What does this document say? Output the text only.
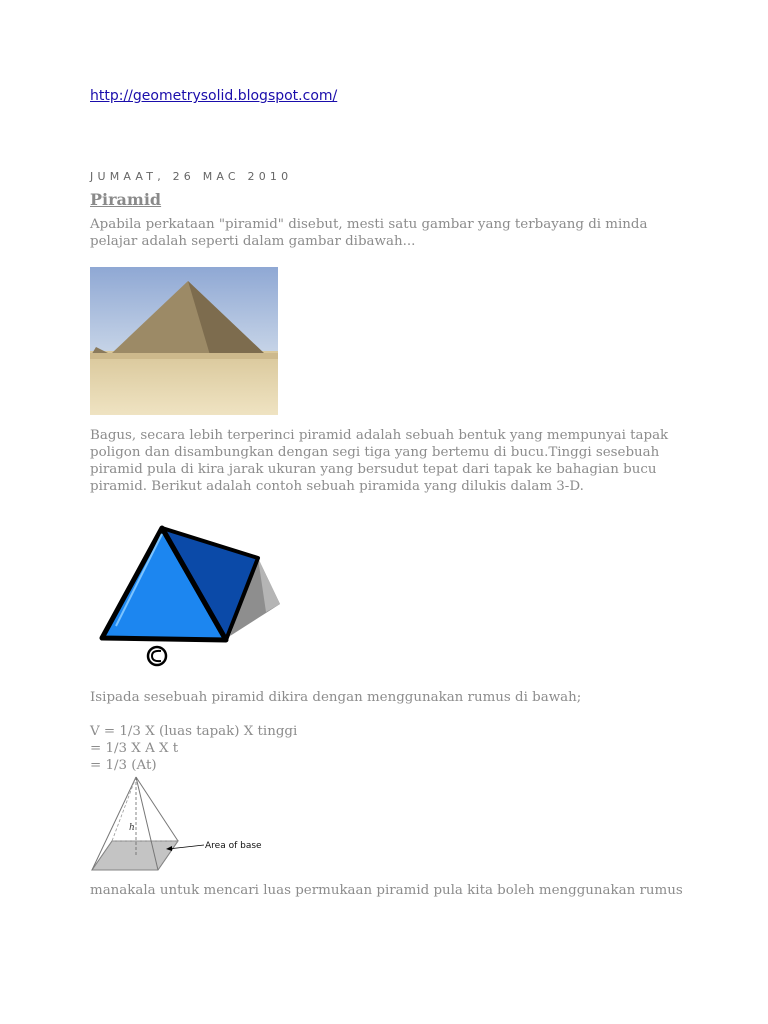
http://geometrysolid.blogspot.com/
JUMAAT, 26 MAC 2010
Piramid

Apabila perkataan "piramid" disebut, mesti satu gambar yang terbayang di minda
pelajar adalah seperti dalam gambar dibawah...

Bagus, secara lebih terperinci piramid adalah sebuah bentuk yang mempunyai tapak
poligon dan disambungkan dengan segi tiga yang bertemu di bucu.Tinggi sesebuah
piramid pula di kira jarak ukuran yang bersudut tepat dari tapak ke bahagian bucu
piramid. Berikut adalah contoh sebuah piramida yang dilukis dalam 3-D.

Isipada sesebuah piramid dikira dengan menggunakan rumus di bawah;

V = 1/3 X (luas tapak) X tinggi
= 1/3 X A X t
= 1/3 (At)

h
Area of base

manakala untuk mencari luas permukaan piramid pula kita boleh menggunakan rumus
